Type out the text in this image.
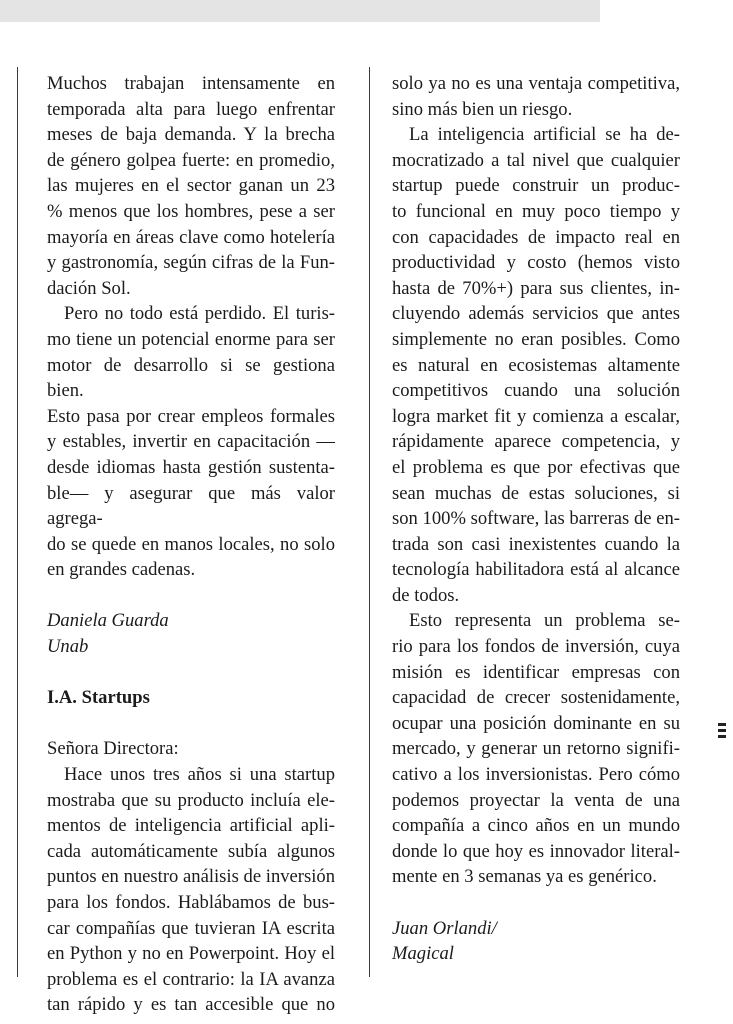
Muchos trabajan intensamente en

temporada alta para luego enfrentar

meses de baja demanda. Y la brecha

de género golpea fuerte: en promedio,

las mujeres en el sector ganan un 23

% menos que los hombres, pese a ser

mayoría en áreas clave como hotelería

y gastronomía, según cifras de la Fun-

dación Sol.

Pero no todo está perdido. El turis-

mo tiene un potencial enorme para ser

motor de desarrollo si se gestiona bien.

Esto pasa por crear empleos formales

y estables, invertir en capacitación —

desde idiomas hasta gestión sustenta-

ble— y asegurar que más valor agrega-

do se quede en manos locales, no solo

en grandes cadenas.

Daniela Guarda

Unab

I.A. Startups

Señora Directora:

Hace unos tres años si una startup

mostraba que su producto incluía ele-

mentos de inteligencia artificial apli-

cada automáticamente subía algunos

puntos en nuestro análisis de inversión

para los fondos. Hablábamos de bus-

car compañías que tuvieran IA escrita

en Python y no en Powerpoint. Hoy el

problema es el contrario: la IA avanza

tan rápido y es tan accesible que no

solo ya no es una ventaja competitiva,

sino más bien un riesgo.

La inteligencia artificial se ha de-

mocratizado a tal nivel que cualquier

startup puede construir un produc-

to funcional en muy poco tiempo y

con capacidades de impacto real en

productividad y costo (hemos visto

hasta de 70%+) para sus clientes, in-

cluyendo además servicios que antes

simplemente no eran posibles. Como

es natural en ecosistemas altamente

competitivos cuando una solución

logra market fit y comienza a escalar,

rápidamente aparece competencia, y

el problema es que por efectivas que

sean muchas de estas soluciones, si

son 100% software, las barreras de en-

trada son casi inexistentes cuando la

tecnología habilitadora está al alcance

de todos.

Esto representa un problema se-

rio para los fondos de inversión, cuya

misión es identificar empresas con

capacidad de crecer sostenidamente,

ocupar una posición dominante en su

mercado, y generar un retorno signifi-

cativo a los inversionistas. Pero cómo

podemos proyectar la venta de una

compañía a cinco años en un mundo

donde lo que hoy es innovador literal-

mente en 3 semanas ya es genérico.

Juan Orlandi/

Magical
